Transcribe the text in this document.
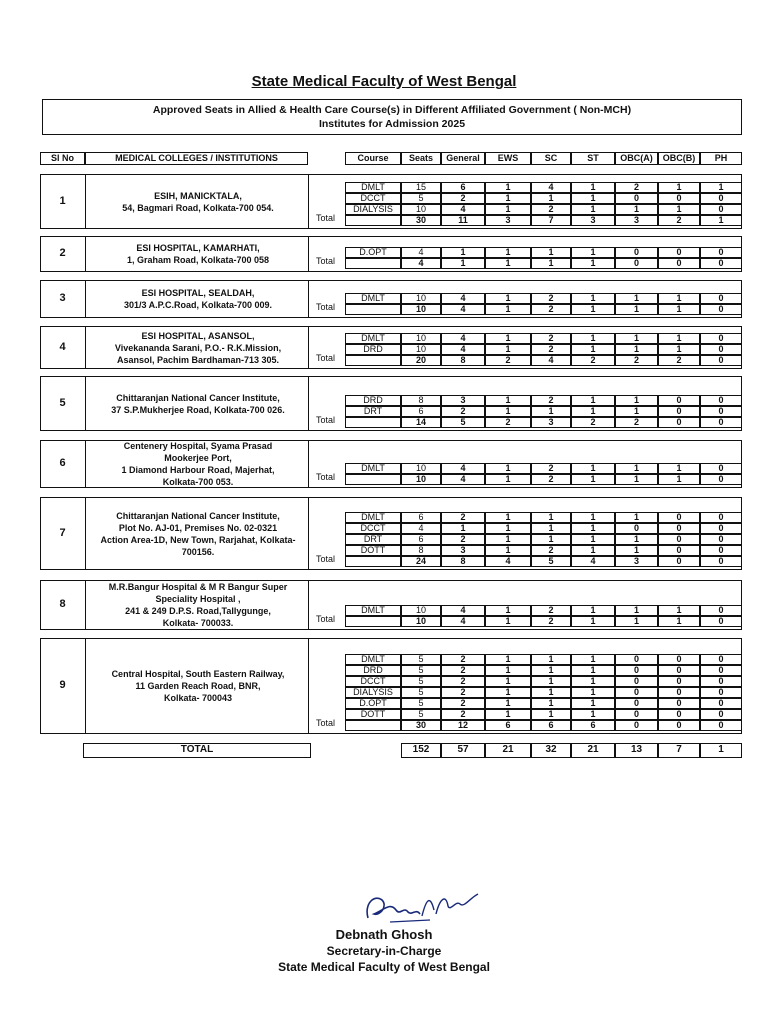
State Medical Faculty of West Bengal
Approved Seats in Allied & Health Care Course(s) in Different Affiliated Government ( Non-MCH)
Institutes for Admission 2025
Sl No	MEDICAL COLLEGES / INSTITUTIONS	Course	Seats	General	EWS	SC	ST	OBC(A)	OBC(B)	PH
1	ESIH, MANICKTALA,
54, Bagmari Road, Kolkata-700 054.
DMLT	15	6	1	4	1	2	1	1
DCCT	5	2	1	1	1	0	0	0
DIALYSIS	10	4	1	2	1	1	1	0
Total	30	11	3	7	3	3	2	1
2	ESI HOSPITAL, KAMARHATI,
1, Graham Road, Kolkata-700 058
D.OPT	4	1	1	1	1	0	0	0
Total	4	1	1	1	1	0	0	0
3	ESI HOSPITAL, SEALDAH,
301/3 A.P.C.Road, Kolkata-700 009.
DMLT	10	4	1	2	1	1	1	0
Total	10	4	1	2	1	1	1	0
4
ESI HOSPITAL, ASANSOL,
Vivekananda Sarani, P.O.- R.K.Mission,
Asansol, Pachim Bardhaman-713 305.
DMLT	10	4	1	2	1	1	1	0
DRD	10	4	1	2	1	1	1	0
Total	20	8	2	4	2	2	2	0
5	Chittaranjan National Cancer Institute,
37 S.P.Mukherjee Road, Kolkata-700 026.
DRD	8	3	1	2	1	1	0	0
DRT	6	2	1	1	1	1	0	0
Total	14	5	2	3	2	2	0	0
6
Centenery Hospital, Syama Prasad
Mookerjee Port,
1 Diamond Harbour Road, Majerhat,
Kolkata-700 053.
DMLT	10	4	1	2	1	1	1	0
Total	10	4	1	2	1	1	1	0
7
Chittaranjan National Cancer Institute,
Plot No. AJ-01, Premises No. 02-0321
Action Area-1D, New Town, Rarjahat, Kolkata-
700156.
DMLT	6	2	1	1	1	1	0	0
DCCT	4	1	1	1	1	0	0	0
DRT	6	2	1	1	1	1	0	0
DOTT	8	3	1	2	1	1	0	0
Total	24	8	4	5	4	3	0	0
8
M.R.Bangur Hospital & M R Bangur Super
Speciality Hospital ,
241 & 249 D.P.S. Road,Tallygunge,
Kolkata- 700033.
DMLT	10	4	1	2	1	1	1	0
Total	10	4	1	2	1	1	1	0
9
Central Hospital, South Eastern Railway,
11 Garden Reach Road, BNR,
Kolkata- 700043
DMLT	5	2	1	1	1	0	0	0
DRD	5	2	1	1	1	0	0	0
DCCT	5	2	1	1	1	0	0	0
DIALYSIS	5	2	1	1	1	0	0	0
D.OPT	5	2	1	1	1	0	0	0
DOTT	5	2	1	1	1	0	0	0
Total	30	12	6	6	6	0	0	0
TOTAL	152	57	21	32	21	13	7	1
Debnath Ghosh
Secretary-in-Charge
State Medical Faculty of West Bengal
